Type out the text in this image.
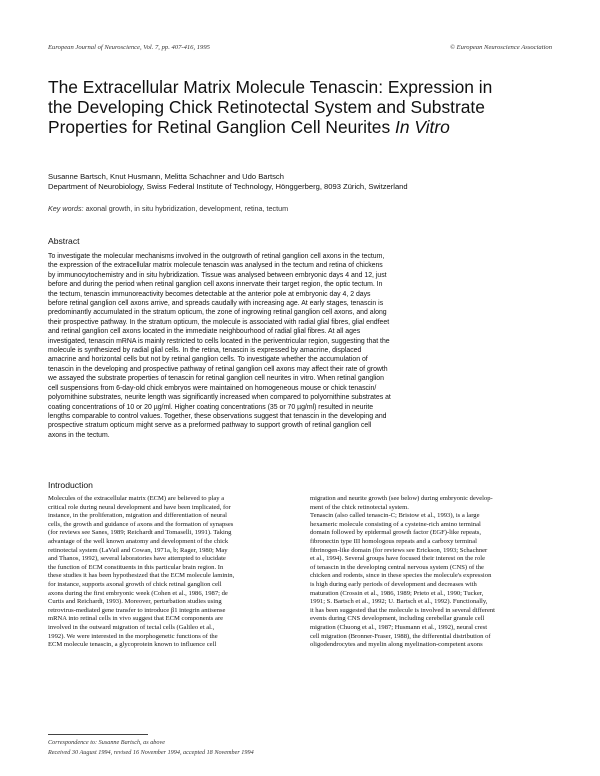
European Journal of Neuroscience, Vol. 7, pp. 407-416, 1995	© European Neuroscience Association
The Extracellular Matrix Molecule Tenascin: Expression in
the Developing Chick Retinotectal System and Substrate
Properties for Retinal Ganglion Cell Neurites In Vitro
Susanne Bartsch, Knut Husmann, Melitta Schachner and Udo Bartsch
Department of Neurobiology, Swiss Federal Institute of Technology, Hönggerberg, 8093 Zürich, Switzerland
Key words: axonal growth, in situ hybridization, development, retina, tectum
Abstract
To investigate the molecular mechanisms involved in the outgrowth of retinal ganglion cell axons in the tectum,
the expression of the extracellular matrix molecule tenascin was analysed in the tectum and retina of chickens
by immunocytochemistry and in situ hybridization. Tissue was analysed between embryonic days 4 and 12, just
before and during the period when retinal ganglion cell axons innervate their target region, the optic tectum. In
the tectum, tenascin immunoreactivity becomes detectable at the anterior pole at embryonic day 4, 2 days
before retinal ganglion cell axons arrive, and spreads caudally with increasing age. At early stages, tenascin is
predominantly accumulated in the stratum opticum, the zone of ingrowing retinal ganglion cell axons, and along
their prospective pathway. In the stratum opticum, the molecule is associated with radial glial fibres, glial endfeet
and retinal ganglion cell axons located in the immediate neighbourhood of radial glial fibres. At all ages
investigated, tenascin mRNA is mainly restricted to cells located in the periventricular region, suggesting that the
molecule is synthesized by radial glial cells. In the retina, tenascin is expressed by amacrine, displaced
amacrine and horizontal cells but not by retinal ganglion cells. To investigate whether the accumulation of
tenascin in the developing and prospective pathway of retinal ganglion cell axons may affect their rate of growth
we assayed the substrate properties of tenascin for retinal ganglion cell neurites in vitro. When retinal ganglion
cell suspensions from 6-day-old chick embryos were maintained on homogeneous mouse or chick tenascin/
polyornithine substrates, neurite length was significantly increased when compared to polyornithine substrates at
coating concentrations of 10 or 20 µg/ml. Higher coating concentrations (35 or 70 µg/ml) resulted in neurite
lengths comparable to control values. Together, these observations suggest that tenascin in the developing and
prospective stratum opticum might serve as a preformed pathway to support growth of retinal ganglion cell
axons in the tectum.
Introduction
Molecules of the extracellular matrix (ECM) are believed to play a
critical role during neural development and have been implicated, for
instance, in the proliferation, migration and differentiation of neural
cells, the growth and guidance of axons and the formation of synapses
(for reviews see Sanes, 1989; Reichardt and Tomaselli, 1991). Taking
advantage of the well known anatomy and development of the chick
retinotectal system (LaVail and Cowan, 1971a, b; Rager, 1980; May
and Thanos, 1992), several laboratories have attempted to elucidate
the function of ECM constituents in this particular brain region. In
these studies it has been hypothesized that the ECM molecule laminin,
for instance, supports axonal growth of chick retinal ganglion cell
axons during the first embryonic week (Cohen et al., 1986, 1987; de
Curtis and Reichardt, 1993). Moreover, perturbation studies using
retrovirus-mediated gene transfer to introduce β1 integrin antisense
mRNA into retinal cells in vivo suggest that ECM components are
involved in the outward migration of tectal cells (Galileo et al.,
1992). We were interested in the morphogenetic functions of the
ECM molecule tenascin, a glycoprotein known to influence cell
migration and neurite growth (see below) during embryonic develop-
ment of the chick retinotectal system.
Tenascin (also called tenascin-C; Bristow et al., 1993), is a large
hexameric molecule consisting of a cysteine-rich amino terminal
domain followed by epidermal growth factor (EGF)-like repeats,
fibronectin type III homologous repeats and a carboxy terminal
fibrinogen-like domain (for reviews see Erickson, 1993; Schachner
et al., 1994). Several groups have focused their interest on the role
of tenascin in the developing central nervous system (CNS) of the
chicken and rodents, since in these species the molecule's expression
is high during early periods of development and decreases with
maturation (Crossin et al., 1986, 1989; Prieto et al., 1990; Tucker,
1991; S. Bartsch et al., 1992; U. Bartsch et al., 1992). Functionally,
it has been suggested that the molecule is involved in several different
events during CNS development, including cerebellar granule cell
migration (Chuong et al., 1987; Husmann et al., 1992), neural crest
cell migration (Bronner-Fraser, 1988), the differential distribution of
oligodendrocytes and myelin along myelination-competent axons
Correspondence to: Susanne Bartsch, as above
Received 30 August 1994, revised 16 November 1994, accepted 18 November 1994
